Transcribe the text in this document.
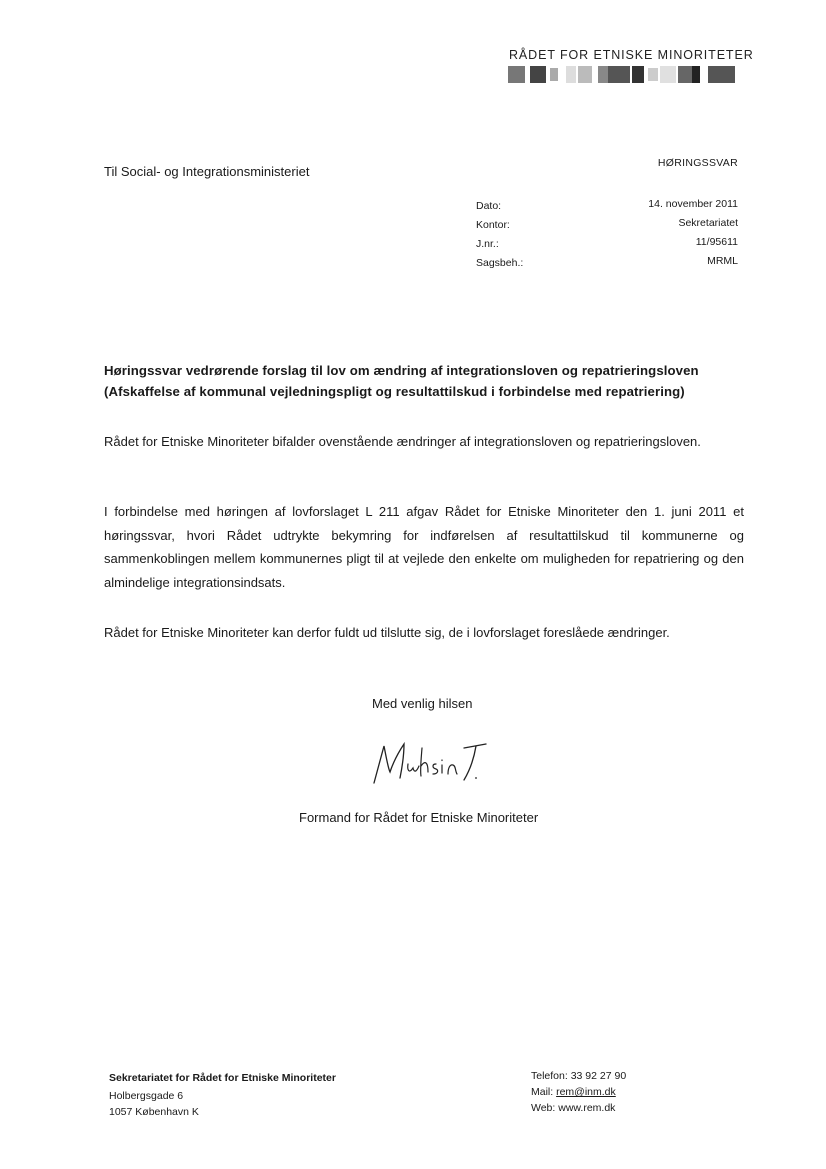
RÅDET FOR ETNISKE MINORITETER
Til Social- og Integrationsministeriet
HØRINGSSVAR
Dato:
Kontor:
J.nr.:
Sagsbeh.:
14. november 2011
Sekretariatet
11/95611
MRML
Høringssvar vedrørende forslag til lov om ændring af integrationsloven og repatrieringsloven (Afskaffelse af kommunal vejledningspligt og resultattilskud i forbindelse med repatriering)
Rådet for Etniske Minoriteter bifalder ovenstående ændringer af integrationsloven og repatrieringsloven.
I forbindelse med høringen af lovforslaget L 211 afgav Rådet for Etniske Minoriteter den 1. juni 2011 et høringssvar, hvori Rådet udtrykte bekymring for indførelsen af resultattilskud til kommunerne og sammenkoblingen mellem kommunernes pligt til at vejlede den enkelte om muligheden for repatriering og den almindelige integrationsindsats.
Rådet for Etniske Minoriteter kan derfor fuldt ud tilslutte sig, de i lovforslaget foreslåede ændringer.
Med venlig hilsen
Formand for Rådet for Etniske Minoriteter
Sekretariatet for Rådet for Etniske Minoriteter
Holbergsgade 6
1057 København K
Telefon: 33 92 27 90
Mail: rem@inm.dk
Web: www.rem.dk
